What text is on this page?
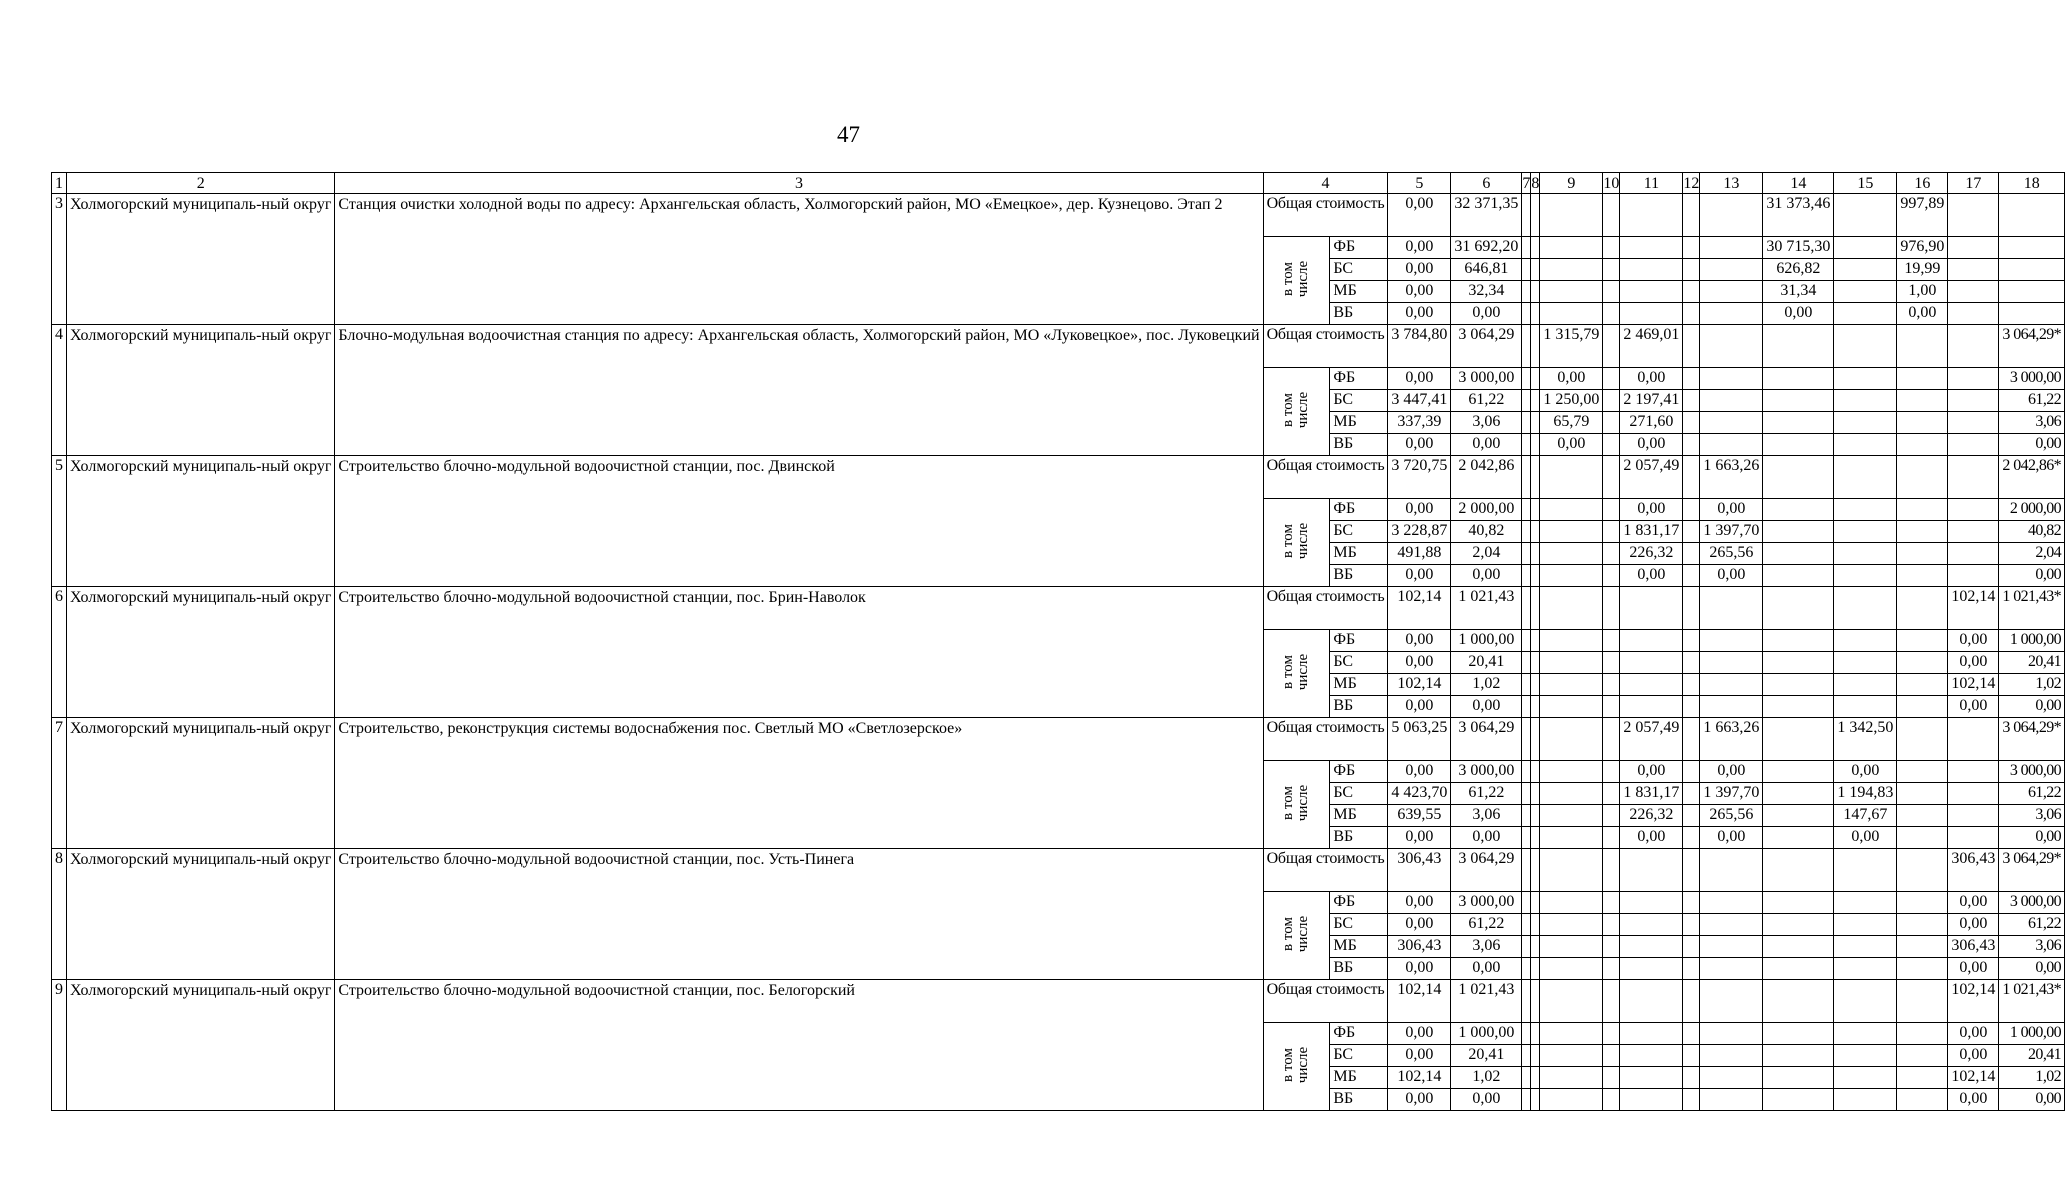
47
1	2	3	4		5	6	7	8	9	10	11	12	13	14	15	16	17	18
3	Холмогорский муниципаль-ный округ	Станция очистки холодной воды по адресу: Архангельская область, Холмогорский район, МО «Емецкое», дер. Кузнецово. Этап 2	Общая стоимость		0,00	32 371,35								31 373,46		997,89		

			в том числе	ФБ	0,00	31 692,20								30 715,30		976,90		
				БС	0,00	646,81								626,82		19,99		
				МБ	0,00	32,34								31,34		1,00		
				ВБ	0,00	0,00								0,00		0,00		
4	Холмогорский муниципаль-ный округ	Блочно-модульная водоочистная станция по адресу: Архангельская область, Холмогорский район, МО «Луковецкое», пос. Луковецкий	Общая стоимость		3 784,80	3 064,29			1 315,79		2 469,01							3 064,29*

			в том числе	ФБ	0,00	3 000,00			0,00		0,00							3 000,00
				БС	3 447,41	61,22			1 250,00		2 197,41							61,22
				МБ	337,39	3,06			65,79		271,60							3,06
				ВБ	0,00	0,00			0,00		0,00							0,00
5	Холмогорский муниципаль-ный округ	Строительство блочно-модульной водоочистной станции, пос. Двинской	Общая стоимость		3 720,75	2 042,86					2 057,49		1 663,26					2 042,86*

			в том числе	ФБ	0,00	2 000,00					0,00		0,00					2 000,00
				БС	3 228,87	40,82					1 831,17		1 397,70					40,82
				МБ	491,88	2,04					226,32		265,56					2,04
				ВБ	0,00	0,00					0,00		0,00					0,00
6	Холмогорский муниципаль-ный округ	Строительство блочно-модульной водоочистной станции, пос. Брин-Наволок	Общая стоимость		102,14	1 021,43											102,14	1 021,43*

			в том числе	ФБ	0,00	1 000,00											0,00	1 000,00
				БС	0,00	20,41											0,00	20,41
				МБ	102,14	1,02											102,14	1,02
				ВБ	0,00	0,00											0,00	0,00
7	Холмогорский муниципаль-ный округ	Строительство, реконструкция системы водоснабжения пос. Светлый МО «Светлозерское»	Общая стоимость		5 063,25	3 064,29					2 057,49		1 663,26		1 342,50			3 064,29*

			в том числе	ФБ	0,00	3 000,00					0,00		0,00		0,00			3 000,00
				БС	4 423,70	61,22					1 831,17		1 397,70		1 194,83			61,22
				МБ	639,55	3,06					226,32		265,56		147,67			3,06
				ВБ	0,00	0,00					0,00		0,00		0,00			0,00
8	Холмогорский муниципаль-ный округ	Строительство блочно-модульной водоочистной станции, пос. Усть-Пинега	Общая стоимость		306,43	3 064,29											306,43	3 064,29*

			в том числе	ФБ	0,00	3 000,00											0,00	3 000,00
				БС	0,00	61,22											0,00	61,22
				МБ	306,43	3,06											306,43	3,06
				ВБ	0,00	0,00											0,00	0,00
9	Холмогорский муниципаль-ный округ	Строительство блочно-модульной водоочистной станции, пос. Белогорский	Общая стоимость		102,14	1 021,43											102,14	1 021,43*

			в том числе	ФБ	0,00	1 000,00											0,00	1 000,00
				БС	0,00	20,41											0,00	20,41
				МБ	102,14	1,02											102,14	1,02
				ВБ	0,00	0,00											0,00	0,00
